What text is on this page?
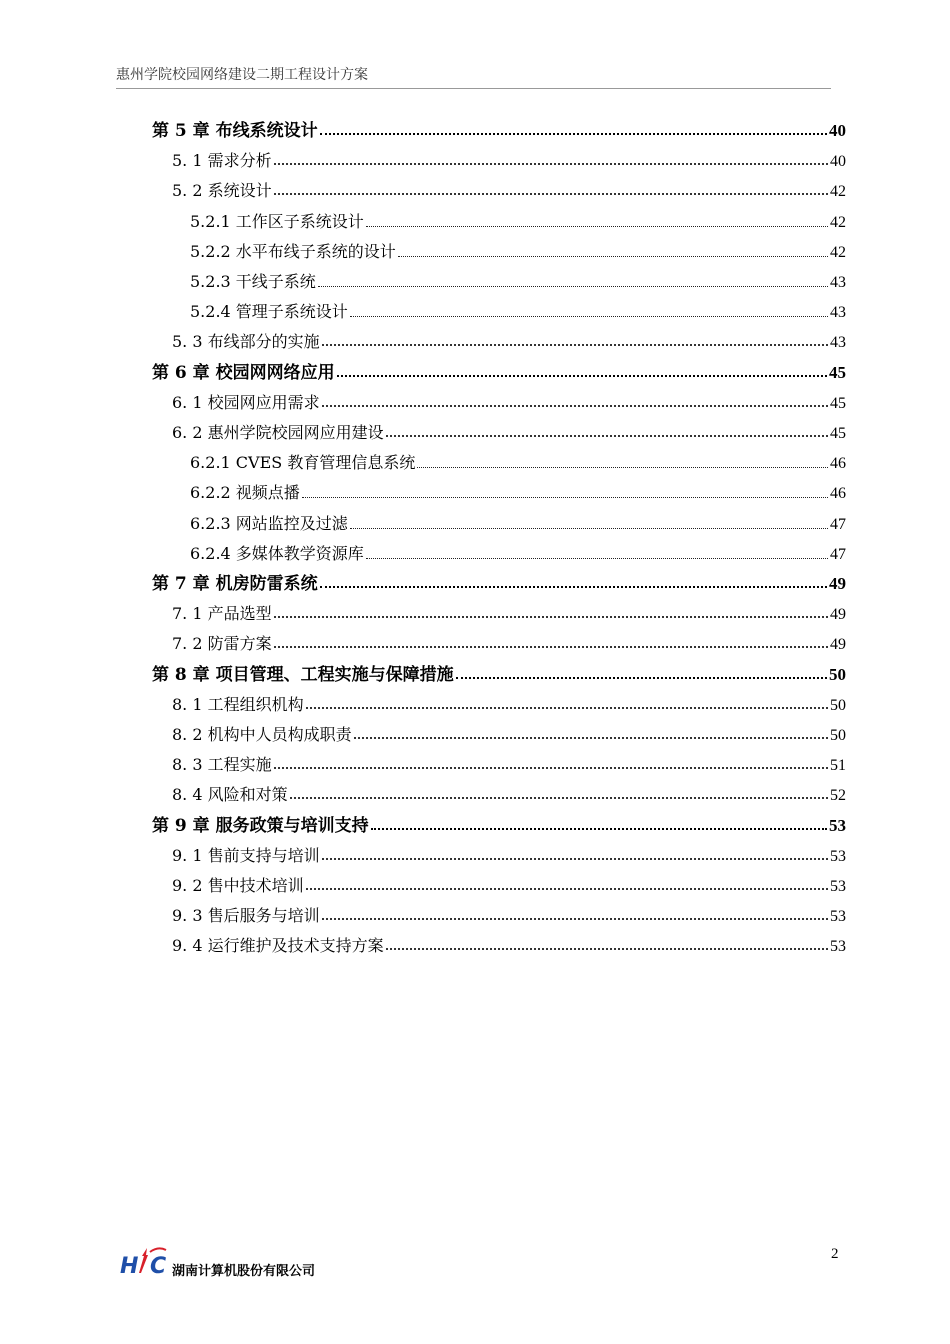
惠州学院校园网络建设二期工程设计方案
第 5 章 布线系统设计	40
5. 1 需求分析	40
5. 2 系统设计	42
5.2.1 工作区子系统设计	42
5.2.2 水平布线子系统的设计	42
5.2.3 干线子系统	43
5.2.4 管理子系统设计	43
5. 3 布线部分的实施	43
第 6 章 校园网网络应用	45
6. 1 校园网应用需求	45
6. 2 惠州学院校园网应用建设	45
6.2.1 CVES 教育管理信息系统	46
6.2.2 视频点播	46
6.2.3 网站监控及过滤	47
6.2.4 多媒体教学资源库	47
第 7 章 机房防雷系统	49
7. 1 产品选型	49
7. 2 防雷方案	49
第 8 章 项目管理、工程实施与保障措施	50
8. 1 工程组织机构	50
8. 2 机构中人员构成职责	50
8. 3 工程实施	51
8. 4 风险和对策	52
第 9 章 服务政策与培训支持	53
9. 1 售前支持与培训	53
9. 2 售中技术培训	53
9. 3 售后服务与培训	53
9. 4 运行维护及技术支持方案	53
H C 湖南计算机股份有限公司
2
